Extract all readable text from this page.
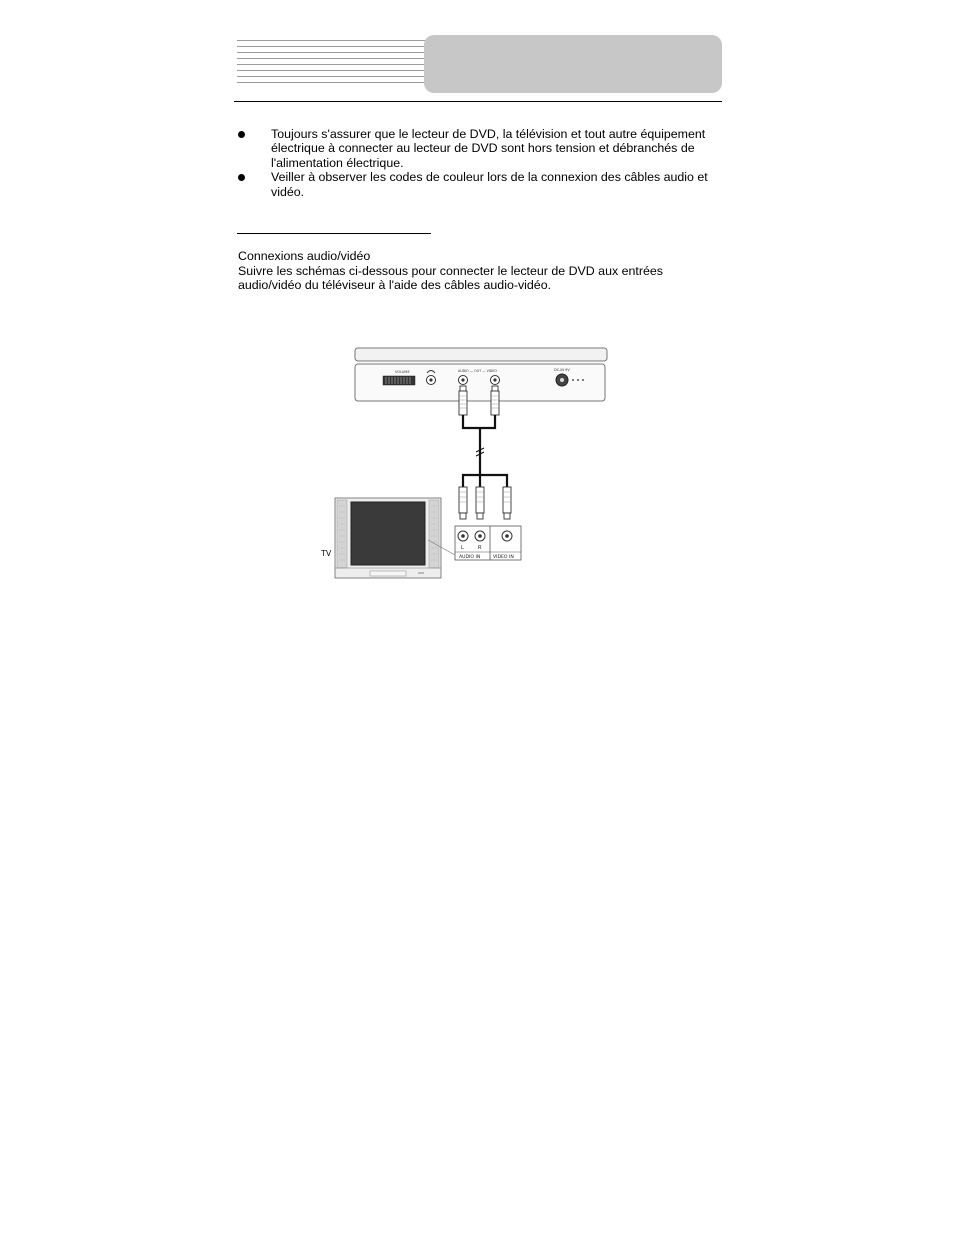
Toujours s'assurer que le lecteur de DVD, la télévision et tout autre équipement électrique à connecter au lecteur de DVD sont hors tension et débranchés de l'alimentation électrique.
Veiller à observer les codes de couleur lors de la connexion des câbles audio et vidéo.

Connexions audio/vidéo

Suivre les schémas ci-dessous pour connecter le lecteur de DVD aux entrées audio/vidéo du téléviseur à l'aide des câbles audio-vidéo.

VOLUME	AUDIO — OUT — VIDEO	DC-IN 9V
L	R
AUDIO IN	VIDEO IN
TV
